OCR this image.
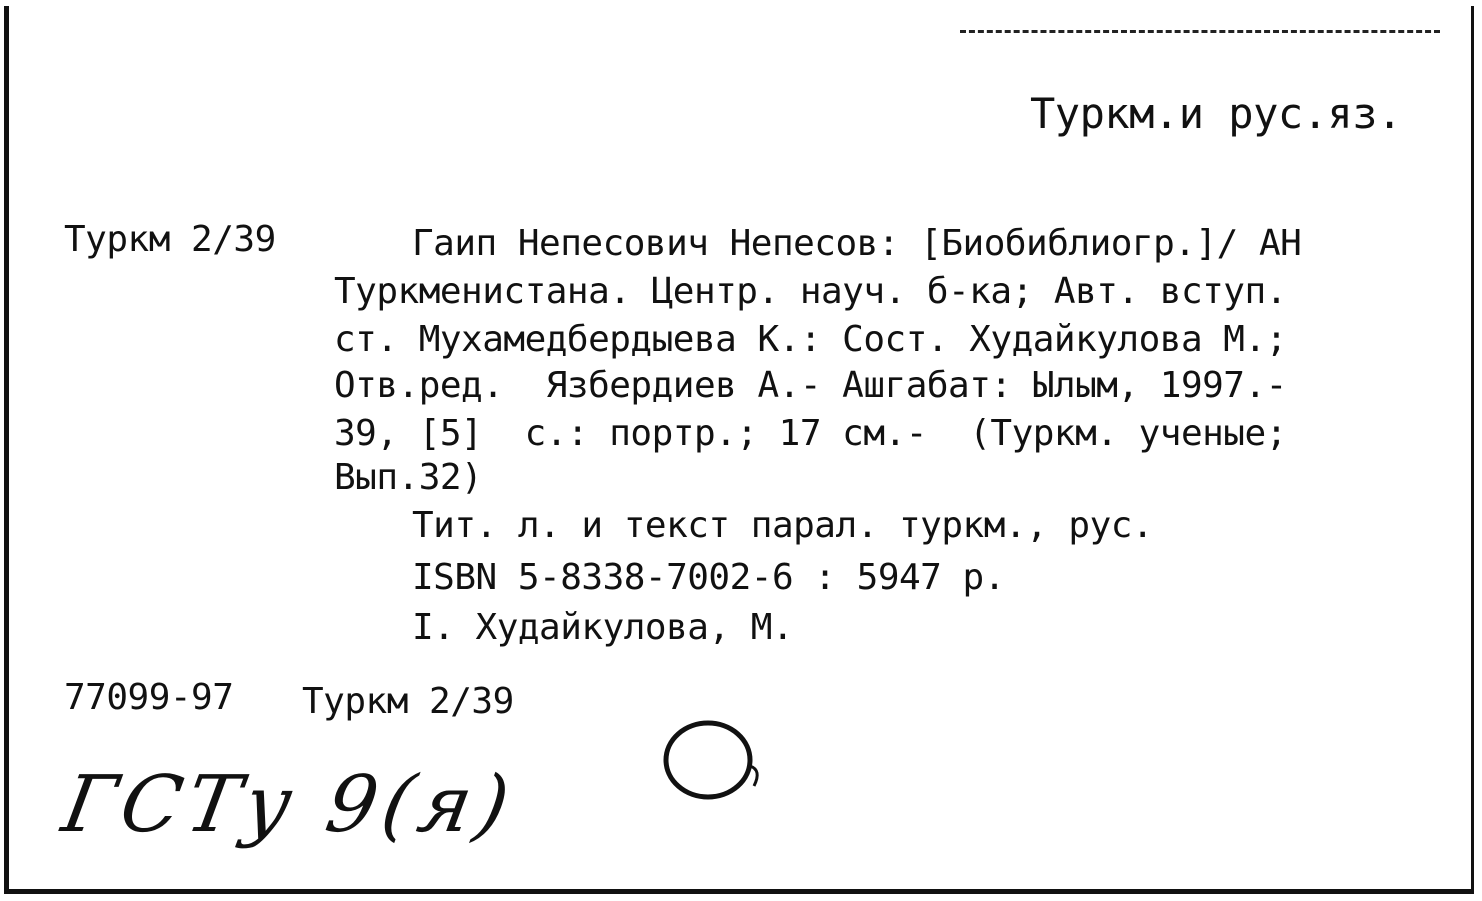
Туркм.и рус.яз.

Туркм 2/39	Гаип Непесович Непесов: [Биобиблиогр.]/ АН

Туркменистана. Центр. науч. б-ка; Авт. вступ.

ст. Мухамедбердыева К.: Сост. Худайкулова М.;

Отв.ред.  Язбердиев А.- Ашгабат: Ылым, 1997.-

39, [5]  с.: портр.; 17 см.-  (Туркм. ученые;

Вып.32)

Тит. л. и текст парал. туркм., рус.

ISBN 5-8338-7002-6 : 5947 р.

I. Худайкулова, М.

77099-97 Туркм 2/39

ГСТу 9(я)
